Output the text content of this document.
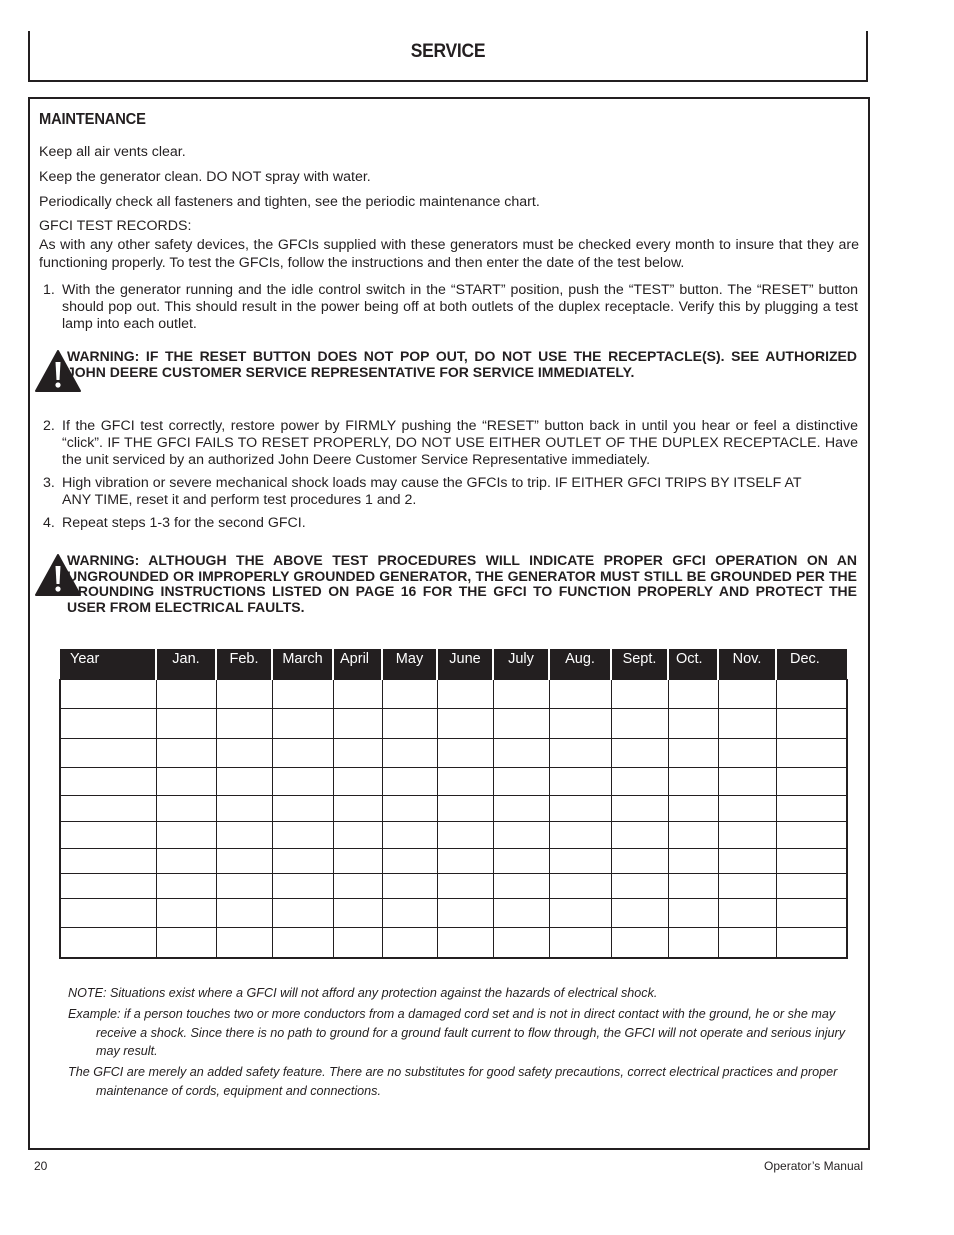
SERVICE
MAINTENANCE
Keep all air vents clear.
Keep the generator clean. DO NOT spray with water.
Periodically check all fasteners and tighten, see the periodic maintenance chart.
GFCI TEST RECORDS:
As with any other safety devices, the GFCIs supplied with these generators must be checked every month to insure that they are functioning properly. To test the GFCIs, follow the instructions and then enter the date of the test below.
1. With the generator running and the idle control switch in the “START” position, push the “TEST” button. The “RESET” button should pop out. This should result in the power being off at both outlets of the duplex receptacle. Verify this by plugging a test lamp into each outlet.
2. If the GFCI test correctly, restore power by FIRMLY pushing the “RESET” button back in until you hear or feel a distinctive “click”. IF THE GFCI FAILS TO RESET PROPERLY, DO NOT USE EITHER OUTLET OF THE DUPLEX RECEPTACLE. Have the unit serviced by an authorized John Deere Customer Service Representative immediately.
3. High vibration or severe mechanical shock loads may cause the GFCIs to trip. IF EITHER GFCI TRIPS BY ITSELF AT ANY TIME, reset it and perform test procedures 1 and 2.
4. Repeat steps 1-3 for the second GFCI.
WARNING: IF THE RESET BUTTON DOES NOT POP OUT, DO NOT USE THE RECEPTACLE(S). SEE AUTHORIZED JOHN DEERE CUSTOMER SERVICE REPRESENTATIVE FOR SERVICE IMMEDIATELY.
WARNING: ALTHOUGH THE ABOVE TEST PROCEDURES WILL INDICATE PROPER GFCI OPERATION ON AN UNGROUNDED OR IMPROPERLY GROUNDED GENERATOR, THE GENERATOR MUST STILL BE GROUNDED PER THE GROUNDING INSTRUCTIONS LISTED ON PAGE 16 FOR THE GFCI TO FUNCTION PROPERLY AND PROTECT THE USER FROM ELECTRICAL FAULTS.
Year	Jan.	Feb.	March	April	May	June	July	Aug.	Sept.	Oct.	Nov.	Dec.

NOTE: Situations exist where a GFCI will not afford any protection against the hazards of electrical shock.
Example: if a person touches two or more conductors from a damaged cord set and is not in direct contact with the ground, he or she may receive a shock. Since there is no path to ground for a ground fault current to flow through, the GFCI will not operate and serious injury may result.
The GFCI are merely an added safety feature. There are no substitutes for good safety precautions, correct electrical practices and proper maintenance of cords, equipment and connections.
20	Operator’s Manual
